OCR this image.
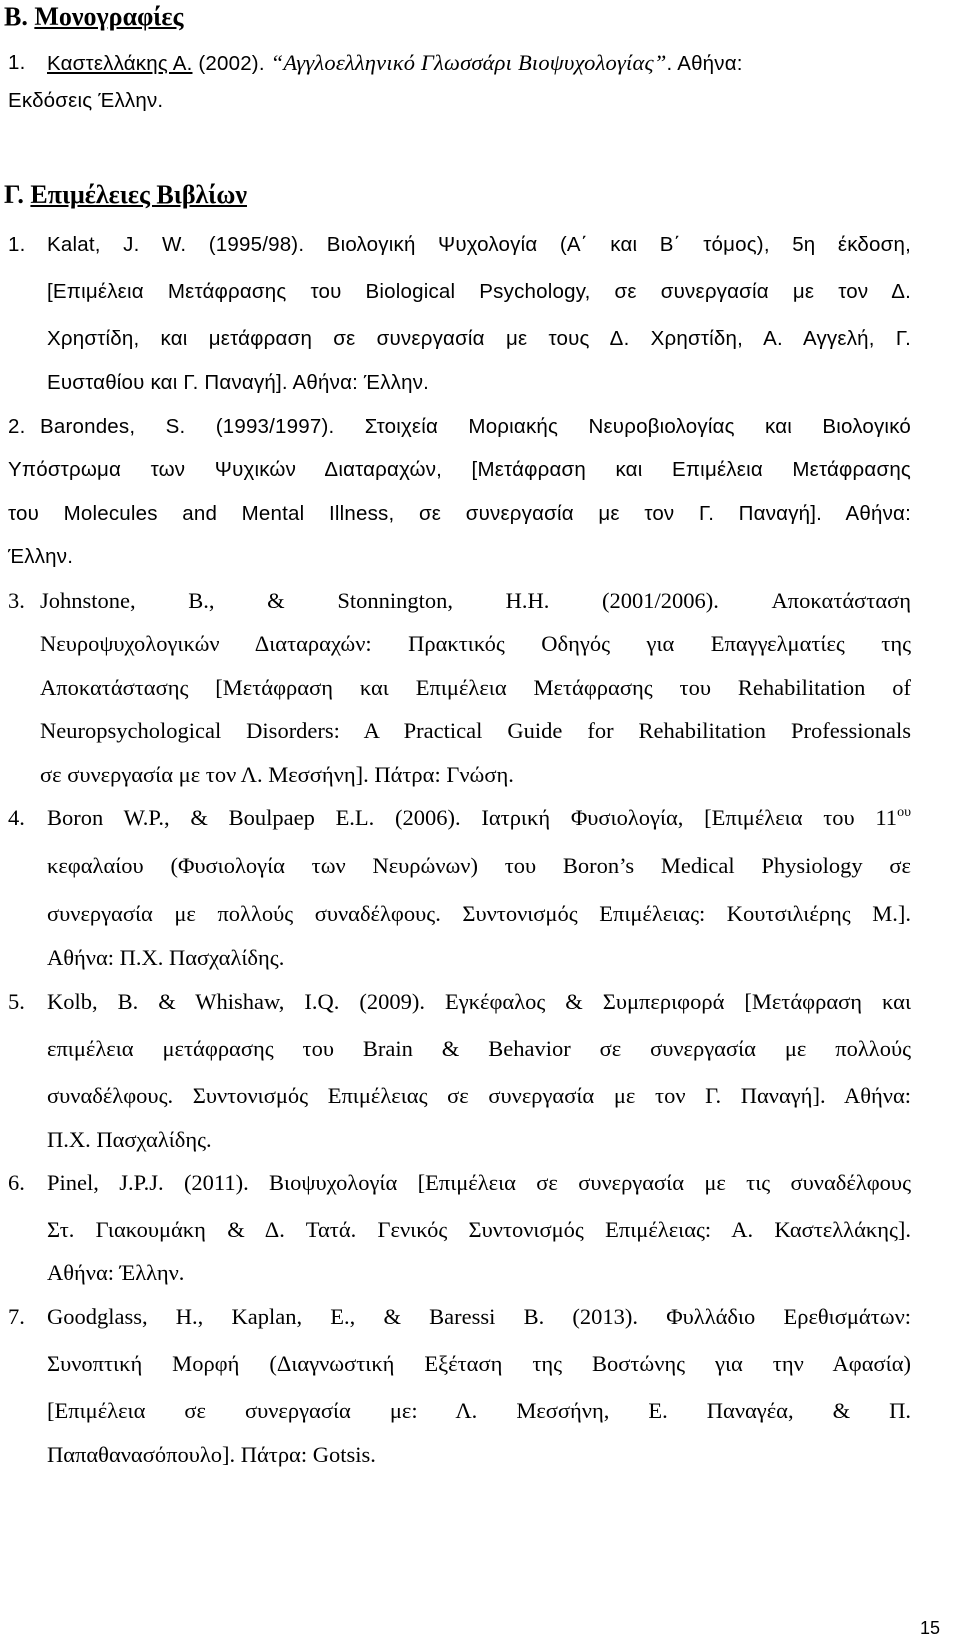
Β. Μονογραφίες
1. Καστελλάκης Α. (2002). “Αγγλοελληνικό Γλωσσάρι Βιοψυχολογίας”. Αθήνα:
Εκδόσεις Έλλην.
Γ. Επιμέλειες Βιβλίων
1. Kalat, J. W. (1995/98). Βιολογική Ψυχολογία (Α΄ και Β΄ τόμος), 5η έκδοση,
[Επιμέλεια Μετάφρασης του Biological Psychology, σε συνεργασία με τον Δ.
Χρηστίδη, και μετάφραση σε συνεργασία με τους Δ. Χρηστίδη, Α. Αγγελή, Γ.
Ευσταθίου και Γ. Παναγή]. Αθήνα: Έλλην.
2. Barondes, S. (1993/1997). Στοιχεία Μοριακής Νευροβιολογίας και Βιολογικό
Υπόστρωμα των Ψυχικών Διαταραχών, [Μετάφραση και Επιμέλεια Μετάφρασης
του Molecules and Mental Illness, σε συνεργασία με τον Γ. Παναγή]. Αθήνα:
Έλλην.
3. Johnstone, B., & Stonnington, H.H. (2001/2006). Αποκατάσταση
Νευροψυχολογικών Διαταραχών: Πρακτικός Οδηγός για Επαγγελματίες της
Αποκατάστασης [Μετάφραση και Επιμέλεια Μετάφρασης του Rehabilitation of
Neuropsychological Disorders: A Practical Guide for Rehabilitation Professionals
σε συνεργασία με τον Λ. Μεσσήνη]. Πάτρα: Γνώση.
4. Boron W.P., & Boulpaep E.L. (2006). Ιατρική Φυσιολογία, [Επιμέλεια του $11^{o\upsilon}$
κεφαλαίου (Φυσιολογία των Νευρώνων) του Boron’s Medical Physiology σε
συνεργασία με πολλούς συναδέλφους. Συντονισμός Επιμέλειας: Κουτσιλιέρης Μ.].
Αθήνα: Π.Χ. Πασχαλίδης.
5. Kolb, B. & Whishaw, I.Q. (2009). Εγκέφαλος & Συμπεριφορά [Μετάφραση και
επιμέλεια μετάφρασης του Brain & Behavior σε συνεργασία με πολλούς
συναδέλφους. Συντονισμός Επιμέλειας σε συνεργασία με τον Γ. Παναγή]. Αθήνα:
Π.Χ. Πασχαλίδης.
6. Pinel, J.P.J. (2011). Βιοψυχολογία [Επιμέλεια σε συνεργασία με τις συναδέλφους
Στ. Γιακουμάκη & Δ. Τατά. Γενικός Συντονισμός Επιμέλειας: Α. Καστελλάκης].
Αθήνα: Έλλην.
7. Goodglass, H., Kaplan, E., & Baressi B. (2013). Φυλλάδιο Ερεθισμάτων:
Συνοπτική Μορφή (Διαγνωστική Εξέταση της Βοστώνης για την Αφασία)
[Επιμέλεια σε συνεργασία με: Λ. Μεσσήνη, Ε. Παναγέα, & Π.
Παπαθανασόπουλο]. Πάτρα: Gotsis.
15
